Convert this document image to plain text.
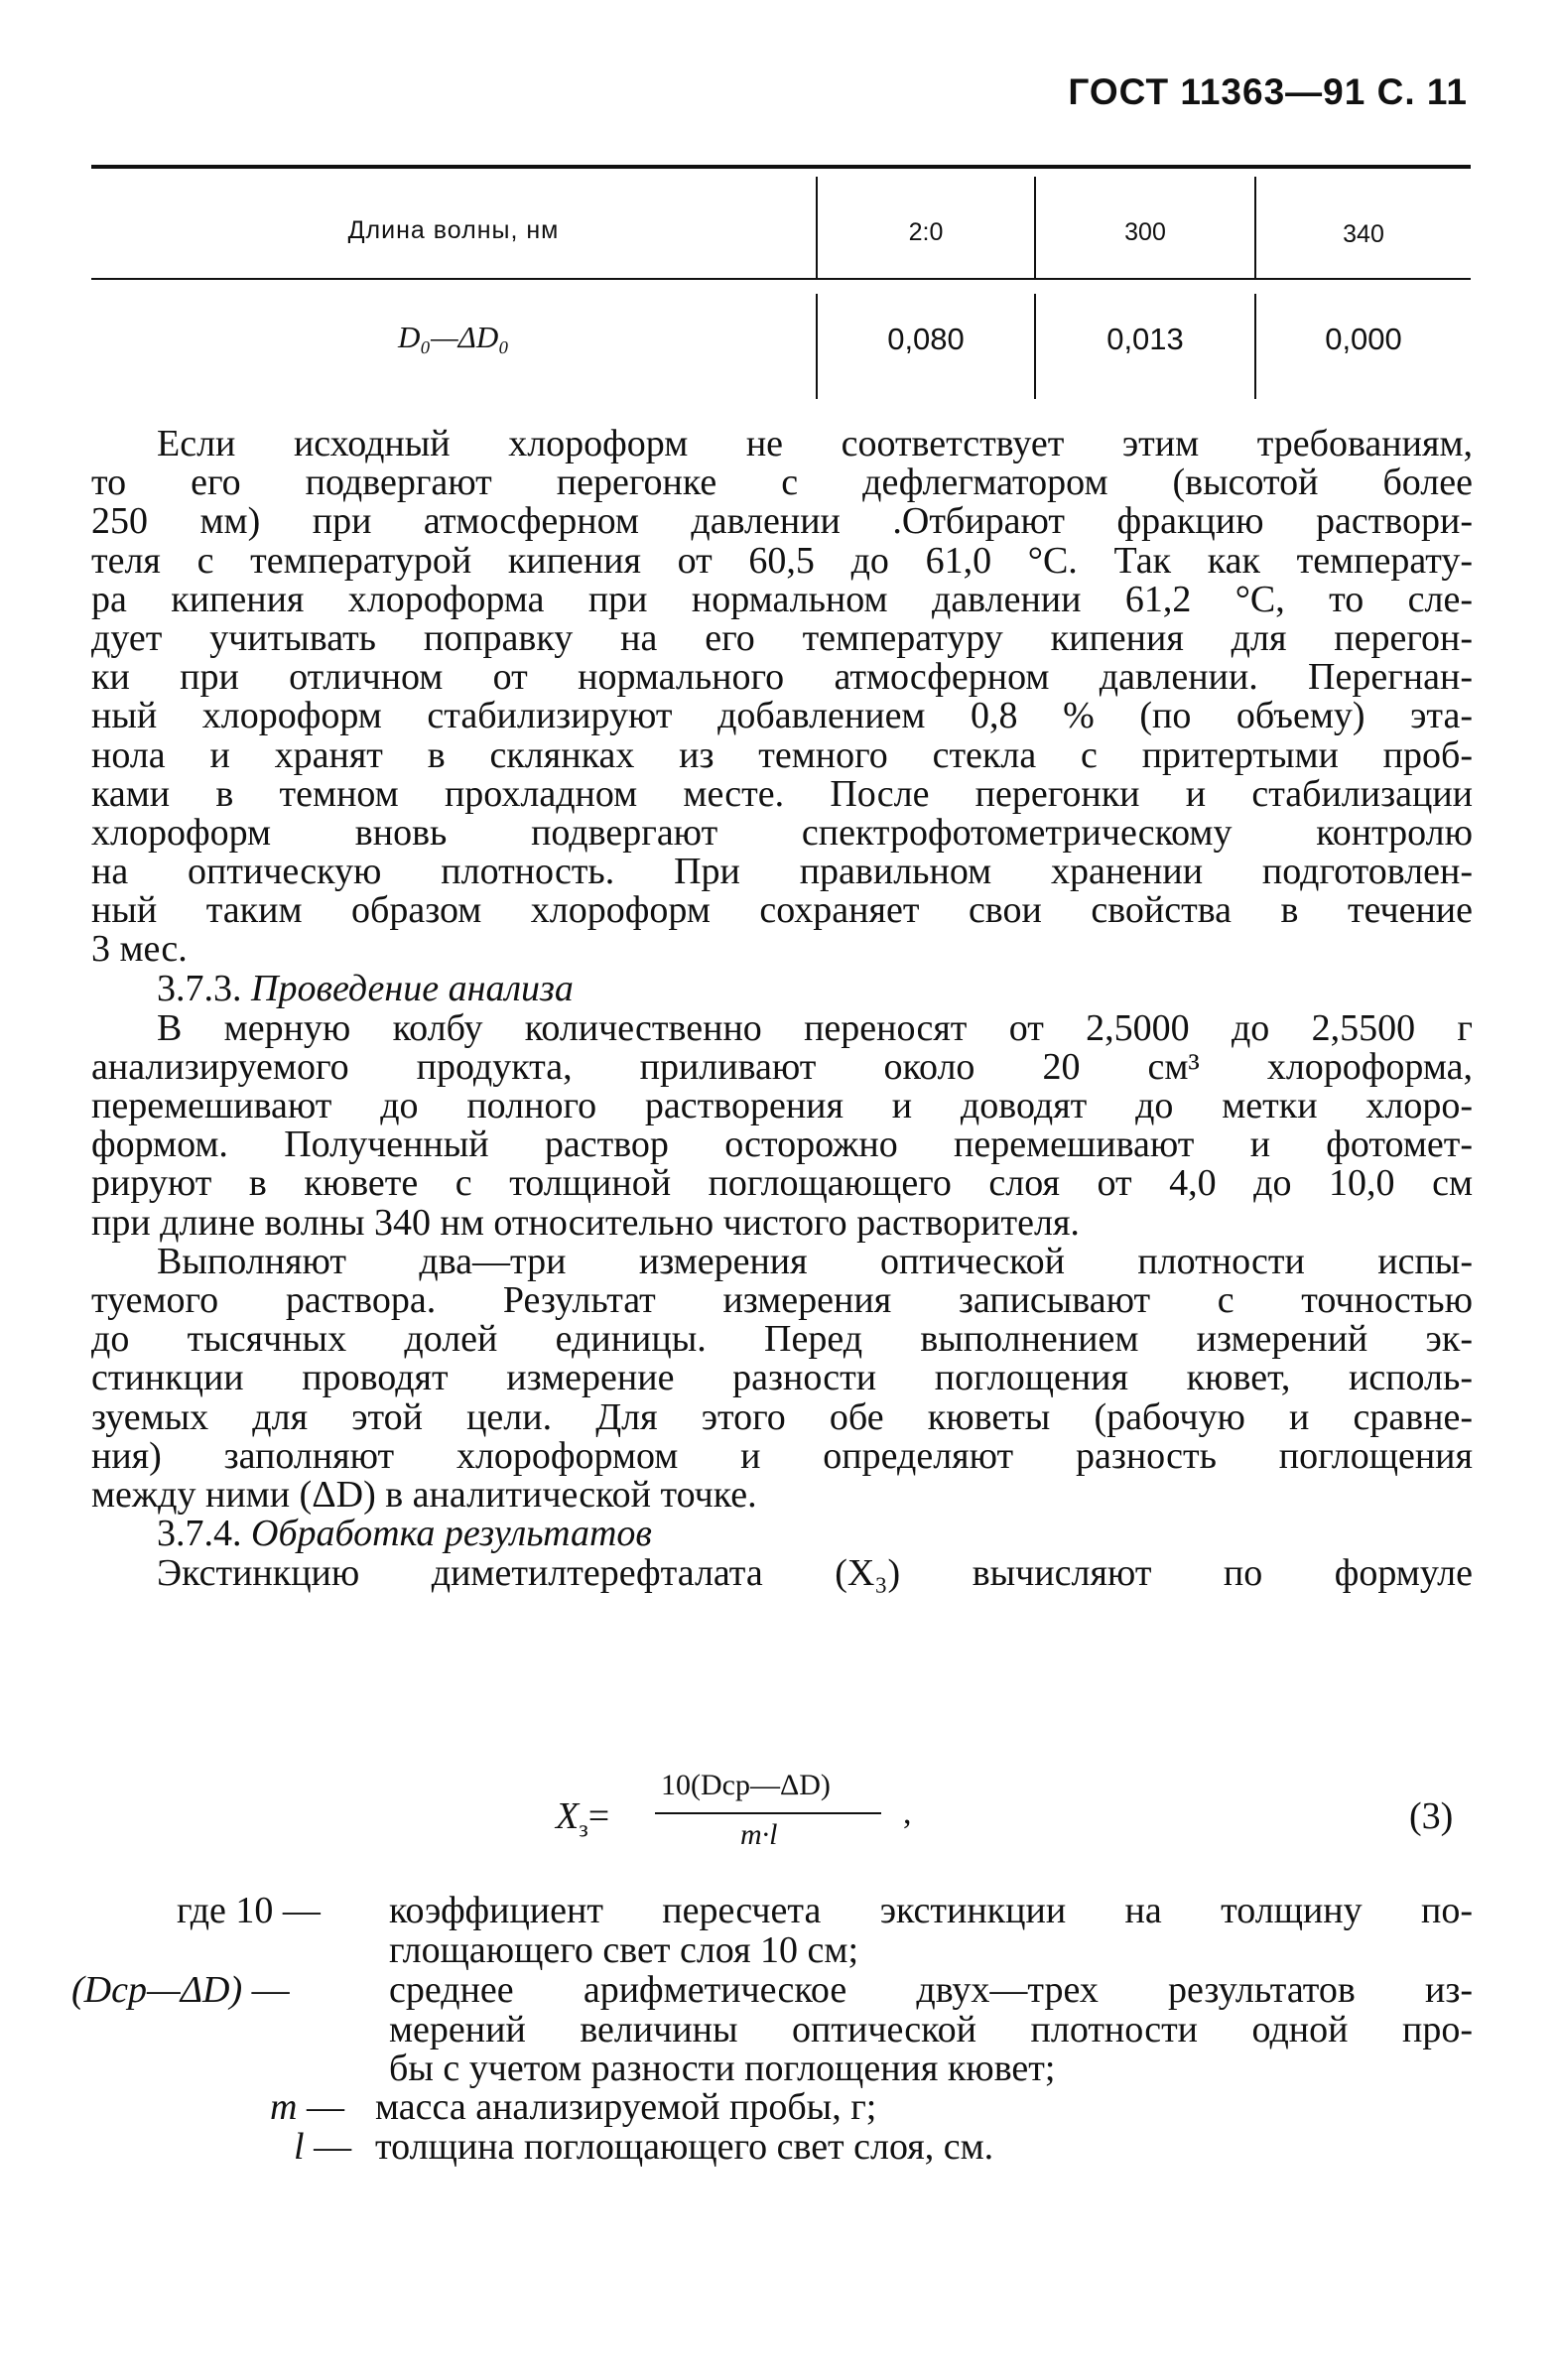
ГОСТ 11363—91 С. 11
Длина волны, нм	2:0	300	340
D₀—ΔD₀	0,080	0,013	0,000
Если исходный хлороформ не соответствует этим требованиям,
то его подвергают перегонке с дефлегматором (высотой более
250 мм) при атмосферном давлении .Отбирают фракцию раствори-
теля с температурой кипения от 60,5 до 61,0 °С. Так как температу-
ра кипения хлороформа при нормальном давлении 61,2 °С, то сле-
дует учитывать поправку на его температуру кипения для перегон-
ки при отличном от нормального атмосферном давлении. Перегнан-
ный хлороформ стабилизируют добавлением 0,8 % (по объему) эта-
нола и хранят в склянках из темного стекла с притертыми проб-
ками в темном прохладном месте. После перегонки и стабилизации
хлороформ вновь подвергают спектрофотометрическому контролю
на оптическую плотность. При правильном хранении подготовлен-
ный таким образом хлороформ сохраняет свои свойства в течение
3 мес.
3.7.3. Проведение анализа
В мерную колбу количественно переносят от 2,5000 до 2,5500 г
анализируемого продукта, приливают около 20 см³ хлороформа,
перемешивают до полного растворения и доводят до метки хлоро-
формом. Полученный раствор осторожно перемешивают и фотомет-
рируют в кювете с толщиной поглощающего слоя от 4,0 до 10,0 см
при длине волны 340 нм относительно чистого растворителя.
Выполняют два—три измерения оптической плотности испы-
туемого раствора. Результат измерения записывают с точностью
до тысячных долей единицы. Перед выполнением измерений эк-
стинкции проводят измерение разности поглощения кювет, исполь-
зуемых для этой цели. Для этого обе кюветы (рабочую и сравне-
ния) заполняют хлороформом и определяют разность поглощения
между ними (ΔD) в аналитической точке.
3.7.4. Обработка результатов
Экстинкцию диметилтерефталата (X₃) вычисляют по формуле
$X_з=$
10(Dср—ΔD)
m·l
,	(3)
где 10 — коэффициент пересчета экстинкции на толщину по-
глощающего свет слоя 10 см;
(Dср—ΔD) —	среднее арифметическое двух—трех результатов из-
мерений величины оптической плотности одной про-
бы с учетом разности поглощения кювет;
m — масса анализируемой пробы, г;
l — толщина поглощающего свет слоя, см.
